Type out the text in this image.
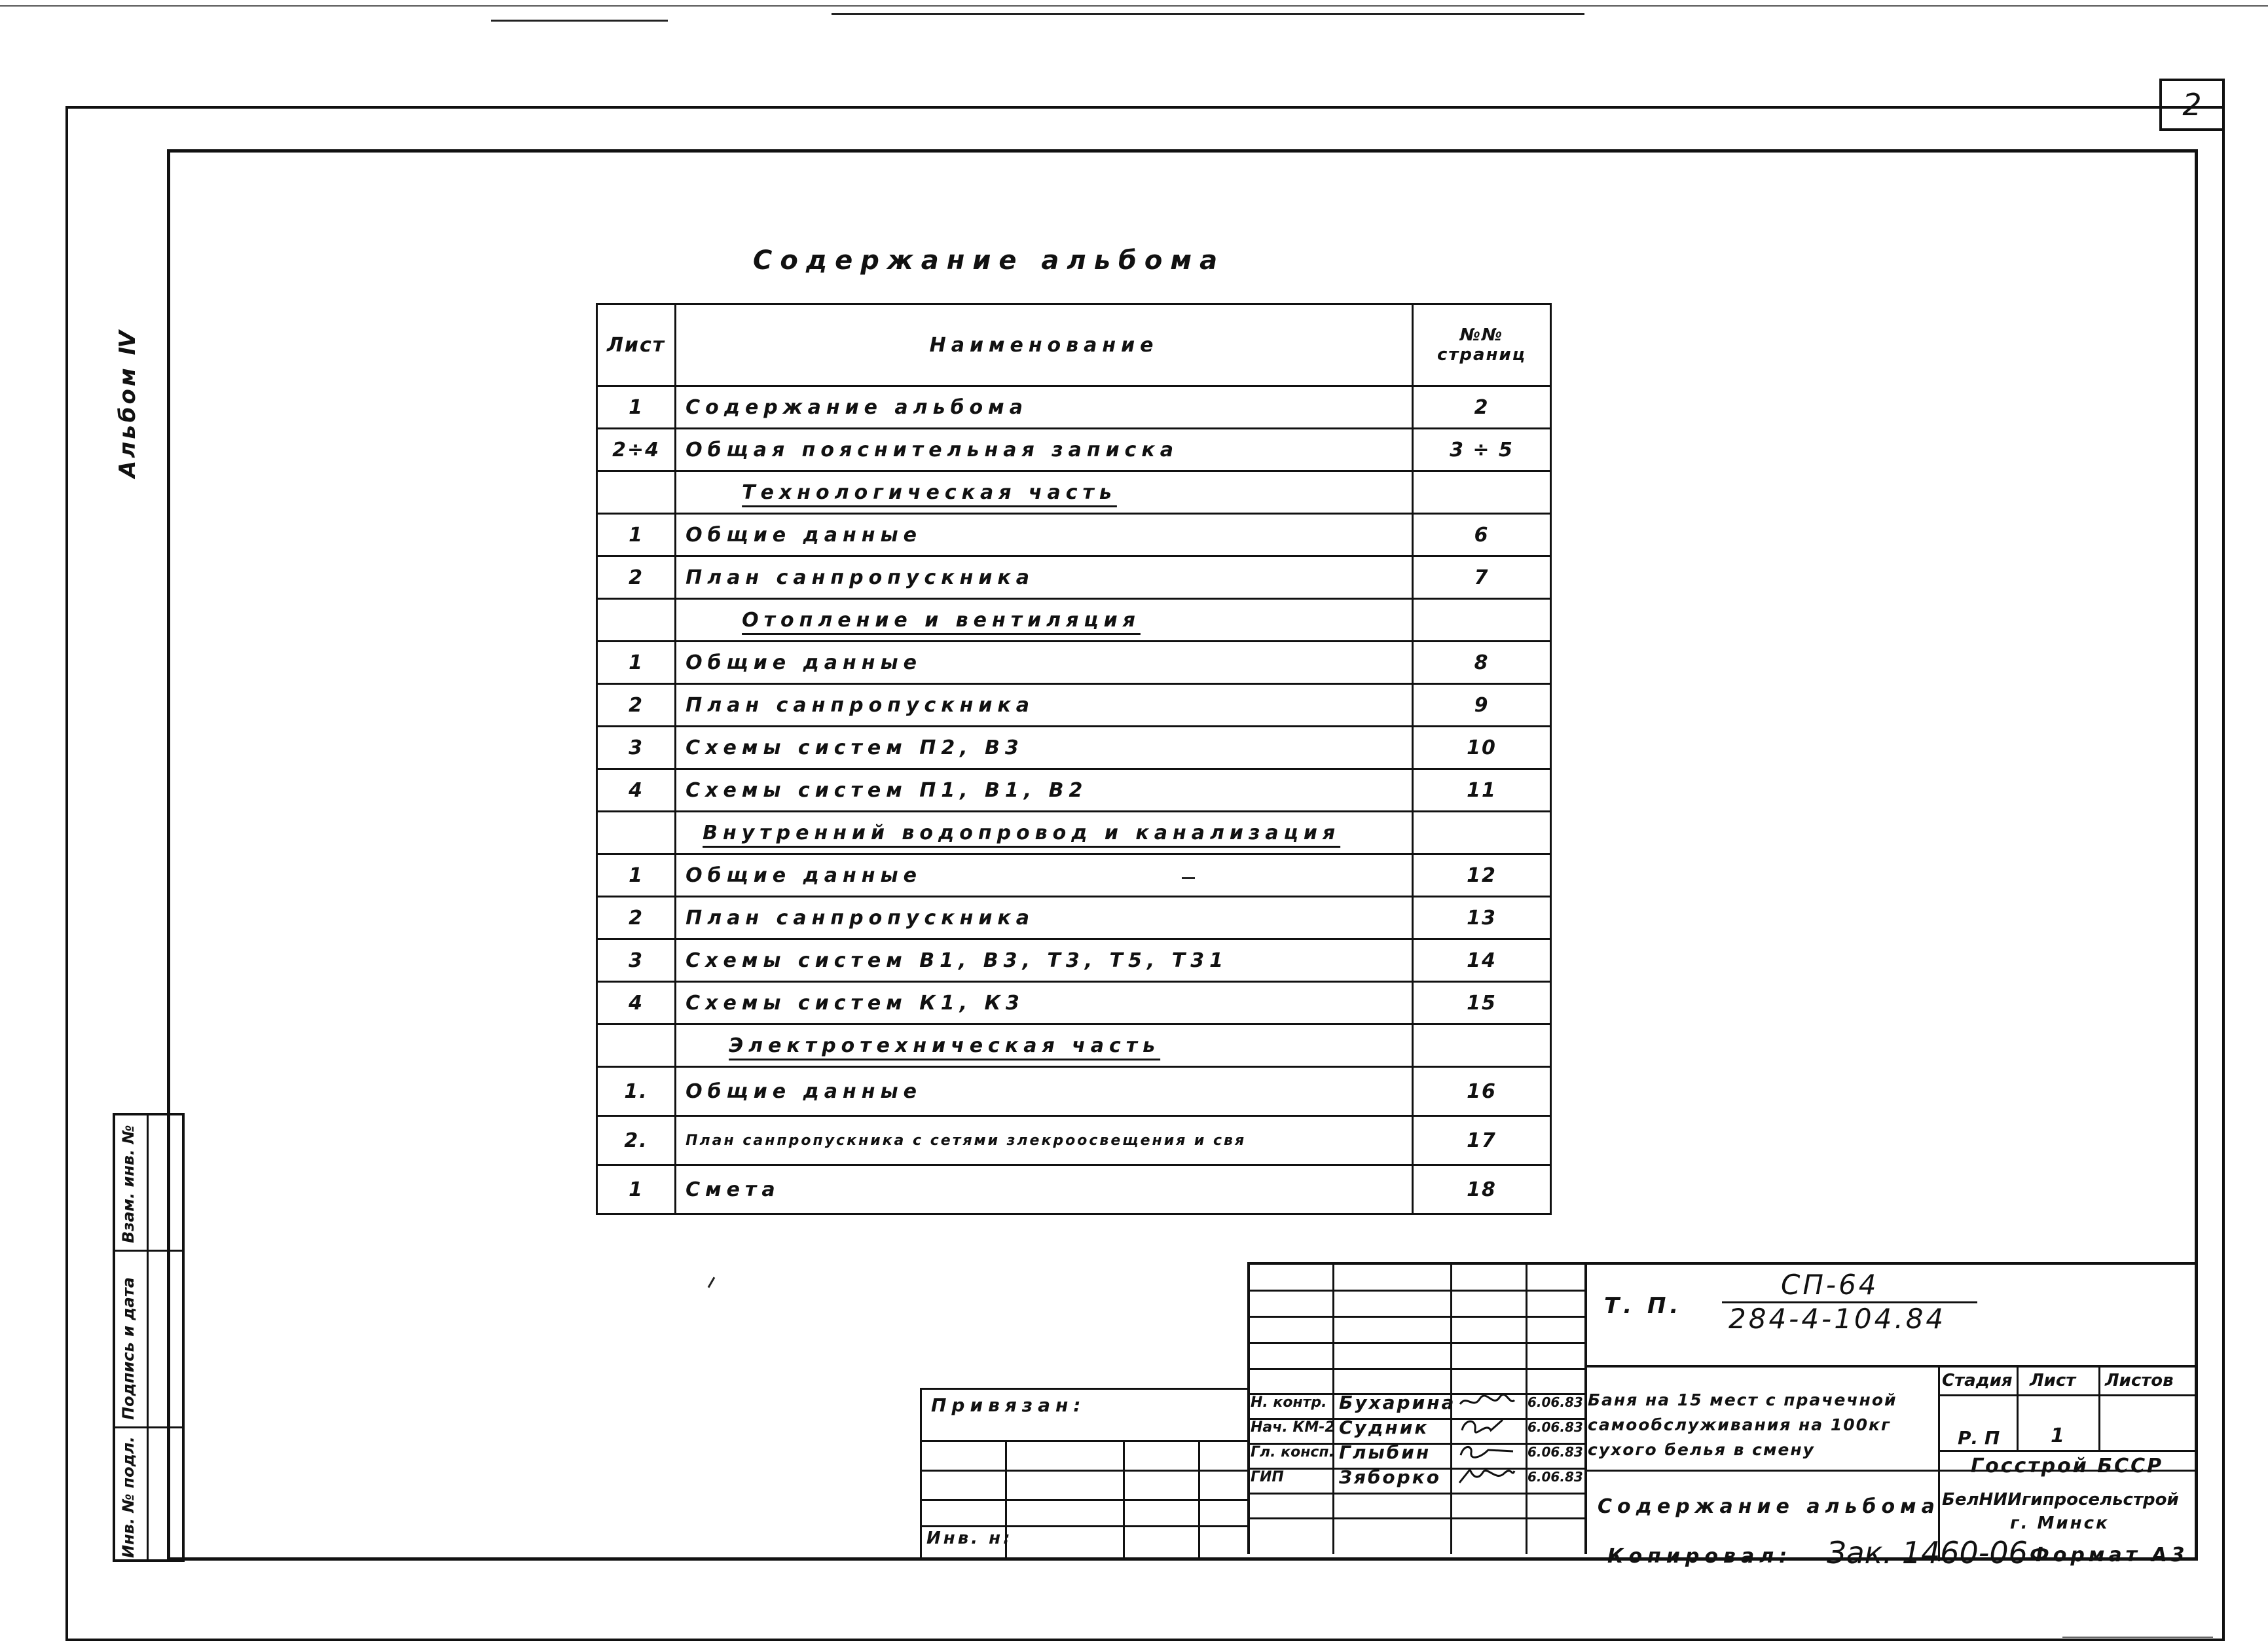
2
Альбом Ⅳ
Содержание альбома
Лист	Наименование	№№ страниц
1	Содержание альбома	2
2÷4	Общая пояснительная записка	3 ÷ 5
	Технологическая часть	
1	Общие данные	6
2	План санпропускника	7
	Отопление и вентиляция	
1	Общие данные	8
2	План санпропускника	9
3	Схемы систем П2, В3	10
4	Схемы систем П1, В1, В2	11
	Внутренний водопровод и канализация	
1	Общие данные	12
2	План санпропускника	13
3	Схемы систем В1, В3, Т3, Т5, Т31	14
4	Схемы систем К1, К3	15
	Электротехническая часть	
1.	Общие данные	16
2.	План санпропускника с сетями злекроосвещения и свя	17
1	Смета	18
Взам. инв. №
Подпись и дата
Инв. № подл.
Привязан:
Инв. н:
Н. контр. Бухарина	6.06.83
Нач. КМ-2 Судник	6.06.83
Гл. консп. Глыбин	6.06.83
ГИП	Зяборко	6.06.83
Т. П.
СП-64
284-4-104.84
Баня на 15 мест с прачечной
самообслуживания на 100кг
сухого белья в смену
Содержание альбома
Стадия Лист Листов
Р. П	1
Госстрой БССР
БелНИИгипросельстрой
г. Минск
Копировал: Зак. 1460-06 Формат А3
